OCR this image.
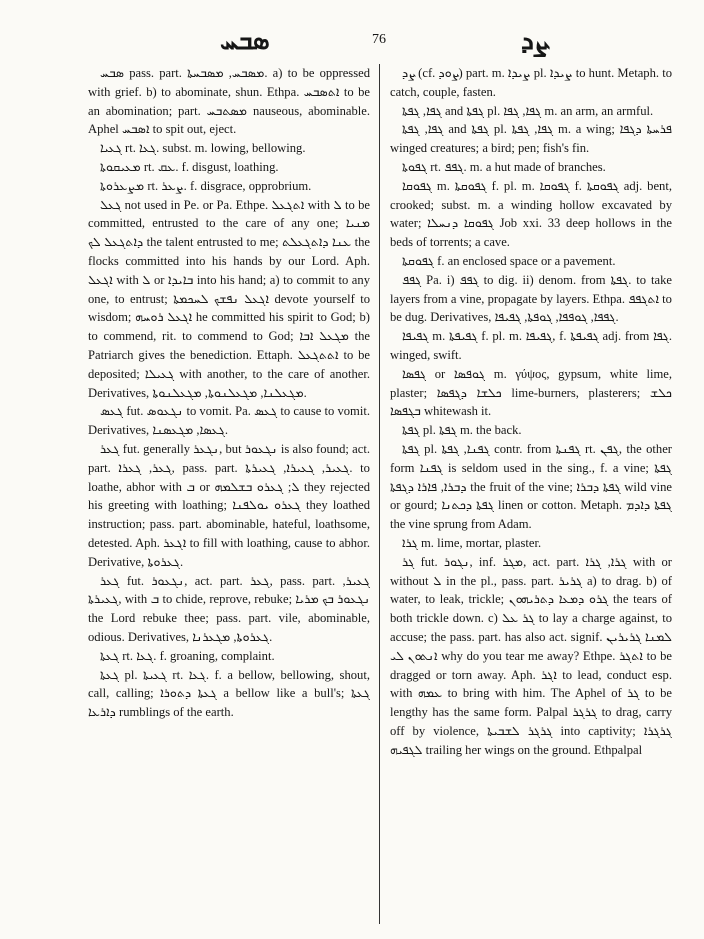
ܣܒܚ	76	ܨܕ

ܣܒܚ pass. part. ܡܣܒܚ, ܡܣܒܚܬܐ. a) to be oppressed with grief. b) to abominate, shun. Ethpa. ܐܬܣܒܚ to be an abomination; part. ܡܣܬܒܚ nauseous, abominable. Aphel ܐܣܒܚ to spit out, eject.

ܓܥܝܐ rt. ܓܥܐ. subst. m. lowing, bellowing.

ܡܥܝܩܘܬܐ rt. ܥܩ. f. disgust, loathing.

ܡܨܥܪܘܬܐ rt. ܨܥܪ. f. disgrace, opprobrium.

ܓܥܠ not used in Pe. or Pa. Ethpe. ܐܬܓܥܠ with ܠ to be committed, entrusted to the care of any one; ܡܢܝܐ ܕܐܬܓܥܠ ܠܟ the talent entrusted to me; ܥܢܐ ܕܐܬܓܥܠܬ the flocks committed into his hands by our Lord. Aph. ܐܓܥܠ with ܠ or ܒܐܝܕܐ into his hand; a) to commit to any one, to entrust; ܐܓܥܠ ܢܦܫܟ ܠܚܟܡܬܐ devote yourself to wisdom; ܐܓܥܠ ܪܘܚܗ he committed his spirit to God; b) to commend, rit. to commend to God; ܡܓܥܠ ܐܒܐ the Patriarch gives the benediction. Ettaph. ܐܬܬܓܥܠ to be deposited; ܓܥܝܠܐ with another, to the care of another. Derivatives, ܡܓܥܠܢܐ, ܡܓܥܠܢܘܬܐ, ܡܓܥܠܢܘܬܐ.

ܓܥܣ fut. ܢܓܥܘܣ to vomit. Pa. ܓܥܣ to cause to vomit. Derivatives, ܓܥܣܐ, ܡܓܥܣܢܐ.

ܓܥܪ fut. generally ܢܓܥܪ, but ܢܓܥܘܪ is also found; act. part. ܓܥܪ, ܓܥܪܐ, pass. part. ܓܥܝܪ, ܓܥܝܪܐ, ܓܥܝܪܬܐ. to loathe, abhor with ܒ or ܠ; ܓܥܪܘ ܒܫܠܡܗ they rejected his greeting with loathing; ܓܥܪܘ ܝܘܠܦܢܐ they loathed instruction; pass. part. abominable, hateful, loathsome, detested. Aph. ܐܓܥܪ to fill with loathing, cause to abhor. Derivative, ܓܥܪܘܬܐ.

ܓܥܪ fut. ܢܓܥܘܪ, act. part. ܓܥܪ, pass. part. ܓܥܝܪ, ܓܥܝܪܬܐ, with ܒ to chide, reprove, rebuke; ܢܓܥܘܪ ܒܟ ܡܪܝܐ the Lord rebuke thee; pass. part. vile, abominable, odious. Derivatives, ܓܥܪܘܬܐ, ܡܓܥܪܢܐ.

ܓܥܬܐ rt. ܓܥܐ. f. groaning, complaint.

ܓܥܬܐ pl. ܓܥܝܬܐ rt. ܓܥܐ. f. a bellow, bellowing, shout, call, calling; ܓܥܬܐ ܕܬܘܪܐ a bellow like a bull's; ܓܥܬܐ ܕܐܪܥܐ rumblings of the earth.

ܨܕ (cf. ܨܘܕ) part. m. ܨܝܕܐ pl. ܨܝܕܐ to hunt. Metaph. to catch, couple, fasten.

ܓܦܐ, ܓܦܬܐ and ܓܦܬܐ pl. ܓܦܐ, ܓܦܐ m. an arm, an armful.

ܓܦܐ, ܓܦܬܐ and ܓܦܬܐ pl. ܓܦܐ, ܓܦܬܐ m. a wing; ܦܪܚܬܐ ܕܓܦܐ winged creatures; a bird; pen; fish's fin.

ܓܦܘܬܐ rt. ܓܦܦ. m. a hut made of branches.

ܓܦܘܩܐ m. ܓܦܘܩܬܐ f. pl. m. ܓܦܘܩܐ f. ܓܦܘܩܬܐ adj. bent, crooked; subst. m. a winding hollow excavated by water; ܓܦܘܩܐ ܕܢܚܠܐ Job xxi. 33 deep hollows in the beds of torrents; a cave.

ܓܦܘܩܬܐ f. an enclosed space or a pavement.

ܓܦܦ Pa. i) ܓܦܦ to dig. ii) denom. from ܓܦܬܐ. to take layers from a vine, propagate by layers. Ethpa. ܐܬܓܦܦ to be dug. Derivatives, ܓܦܦܐ, ܓܘܦܦܐ, ܓܘܦܬܐ, ܓܦܝܦܐ.

ܓܦܝܦܐ m. ܓܦܝܦܬܐ f. pl. m. ܓܦܝܦܐ, f. ܓܦܝܦܬܐ adj. from ܓܦܐ. winged, swift.

ܓܦܣܐ or ܓܘܦܣܐ m. γύψος, gypsum, white lime, plaster; ܟܠܫܐ ܕܓܦܣܐ lime-burners, plasterers; ܟܠܫ ܒܓܦܣܐ whitewash it.

ܓܦܬܐ pl. ܓܦܬܐ m. the back.

ܓܦܬܐ pl. ܓܦܢܐ, ܓܦܬܐ contr. from ܓܦܢܬܐ rt. ܓܦܢ, the other form ܓܦܢܐ is seldom used in the sing., f. a vine; ܓܦܬܐ ܕܒܪܐ, ܦܐܪܐ ܕܓܦܬܐ the fruit of the vine; ܓܦܬܐ ܕܒܪܐ wild vine or gourd; ܓܦܬܐ ܕܟܬܢܐ linen or cotton. Metaph. ܓܦܬܐ ܕܐܕܡ the vine sprung from Adam.

ܓܪܐ m. lime, mortar, plaster.

ܓܪ fut. ܢܓܘܪ, inf. ܡܓܪ, act. part. ܓܪܐ, ܓܪܐ with or without ܠ in the pl., pass. part. ܓܪܝܪ a) to drag. b) of water, to leak, trickle; ܓܪܘ ܕܡܥܐ ܕܬܪܝܗܘܢ the tears of both trickle down. c) ܓܪ ܥܠ to lay a charge against, to accuse; the pass. part. has also act. signif. ܠܡܢܐ ܓܪܝܪܝܢ ܐܢܬܘܢ ܠܝ why do you tear me away? Ethpe. ܐܬܓܪ to be dragged or torn away. Aph. ܐܓܪ to lead, conduct esp. with ܥܡܗ to bring with him. The Aphel of ܓܪ to be lengthy has the same form. Palpal ܓܪܓܪ to drag, carry off by violence, ܓܪܓܪ ܠܫܒܝܬܐ into captivity; ܓܪܓܪܐ ܠܓܦܝܗ trailing her wings on the ground. Ethpalpal
